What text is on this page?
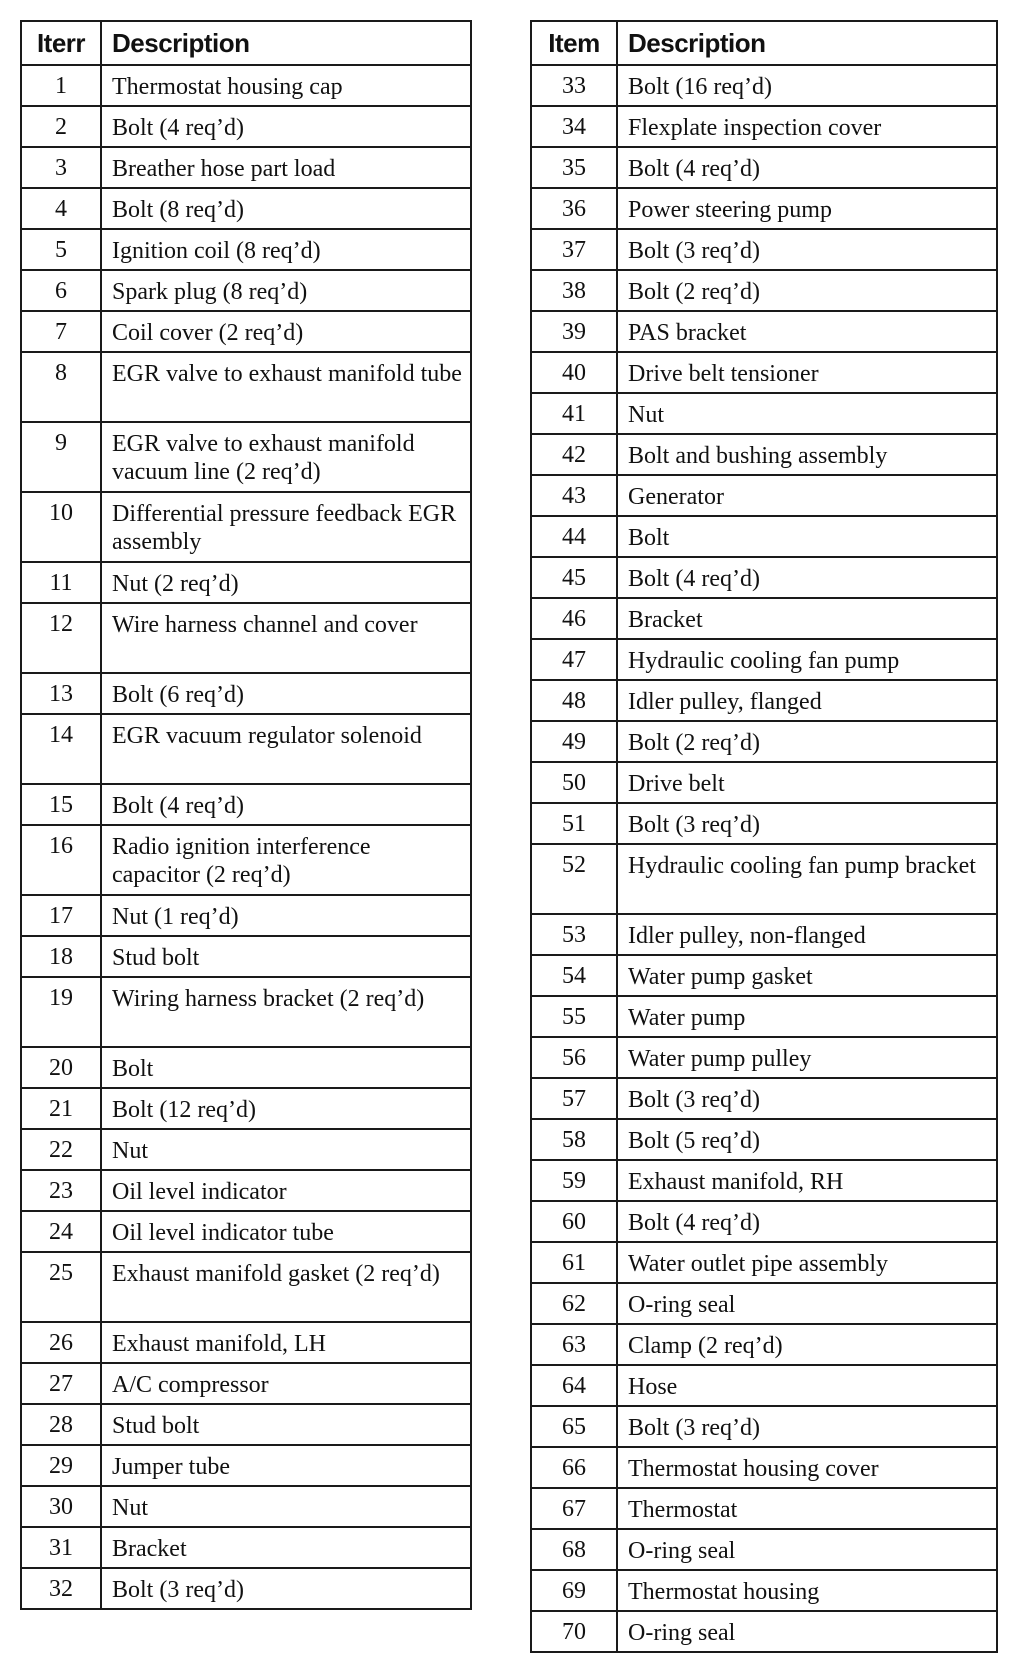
Iterr	Description
1	Thermostat housing cap
2	Bolt (4 req’d)
3	Breather hose part load
4	Bolt (8 req’d)
5	Ignition coil (8 req’d)
6	Spark plug (8 req’d)
7	Coil cover (2 req’d)
8	EGR valve to exhaust manifold tube
9	EGR valve to exhaust manifold vacuum line (2 req’d)
10	Differential pressure feedback EGR assembly
11	Nut (2 req’d)
12	Wire harness channel and cover
13	Bolt (6 req’d)
14	EGR vacuum regulator solenoid
15	Bolt (4 req’d)
16	Radio ignition interference capacitor (2 req’d)
17	Nut (1 req’d)
18	Stud bolt
19	Wiring harness bracket (2 req’d)
20	Bolt
21	Bolt (12 req’d)
22	Nut
23	Oil level indicator
24	Oil level indicator tube
25	Exhaust manifold gasket (2 req’d)
26	Exhaust manifold, LH
27	A/C compressor
28	Stud bolt
29	Jumper tube
30	Nut
31	Bracket
32	Bolt (3 req’d)
Item	Description
33	Bolt (16 req’d)
34	Flexplate inspection cover
35	Bolt (4 req’d)
36	Power steering pump
37	Bolt (3 req’d)
38	Bolt (2 req’d)
39	PAS bracket
40	Drive belt tensioner
41	Nut
42	Bolt and bushing assembly
43	Generator
44	Bolt
45	Bolt (4 req’d)
46	Bracket
47	Hydraulic cooling fan pump
48	Idler pulley, flanged
49	Bolt (2 req’d)
50	Drive belt
51	Bolt (3 req’d)
52	Hydraulic cooling fan pump bracket
53	Idler pulley, non-flanged
54	Water pump gasket
55	Water pump
56	Water pump pulley
57	Bolt (3 req’d)
58	Bolt (5 req’d)
59	Exhaust manifold, RH
60	Bolt (4 req’d)
61	Water outlet pipe assembly
62	O-ring seal
63	Clamp (2 req’d)
64	Hose
65	Bolt (3 req’d)
66	Thermostat housing cover
67	Thermostat
68	O-ring seal
69	Thermostat housing
70	O-ring seal
